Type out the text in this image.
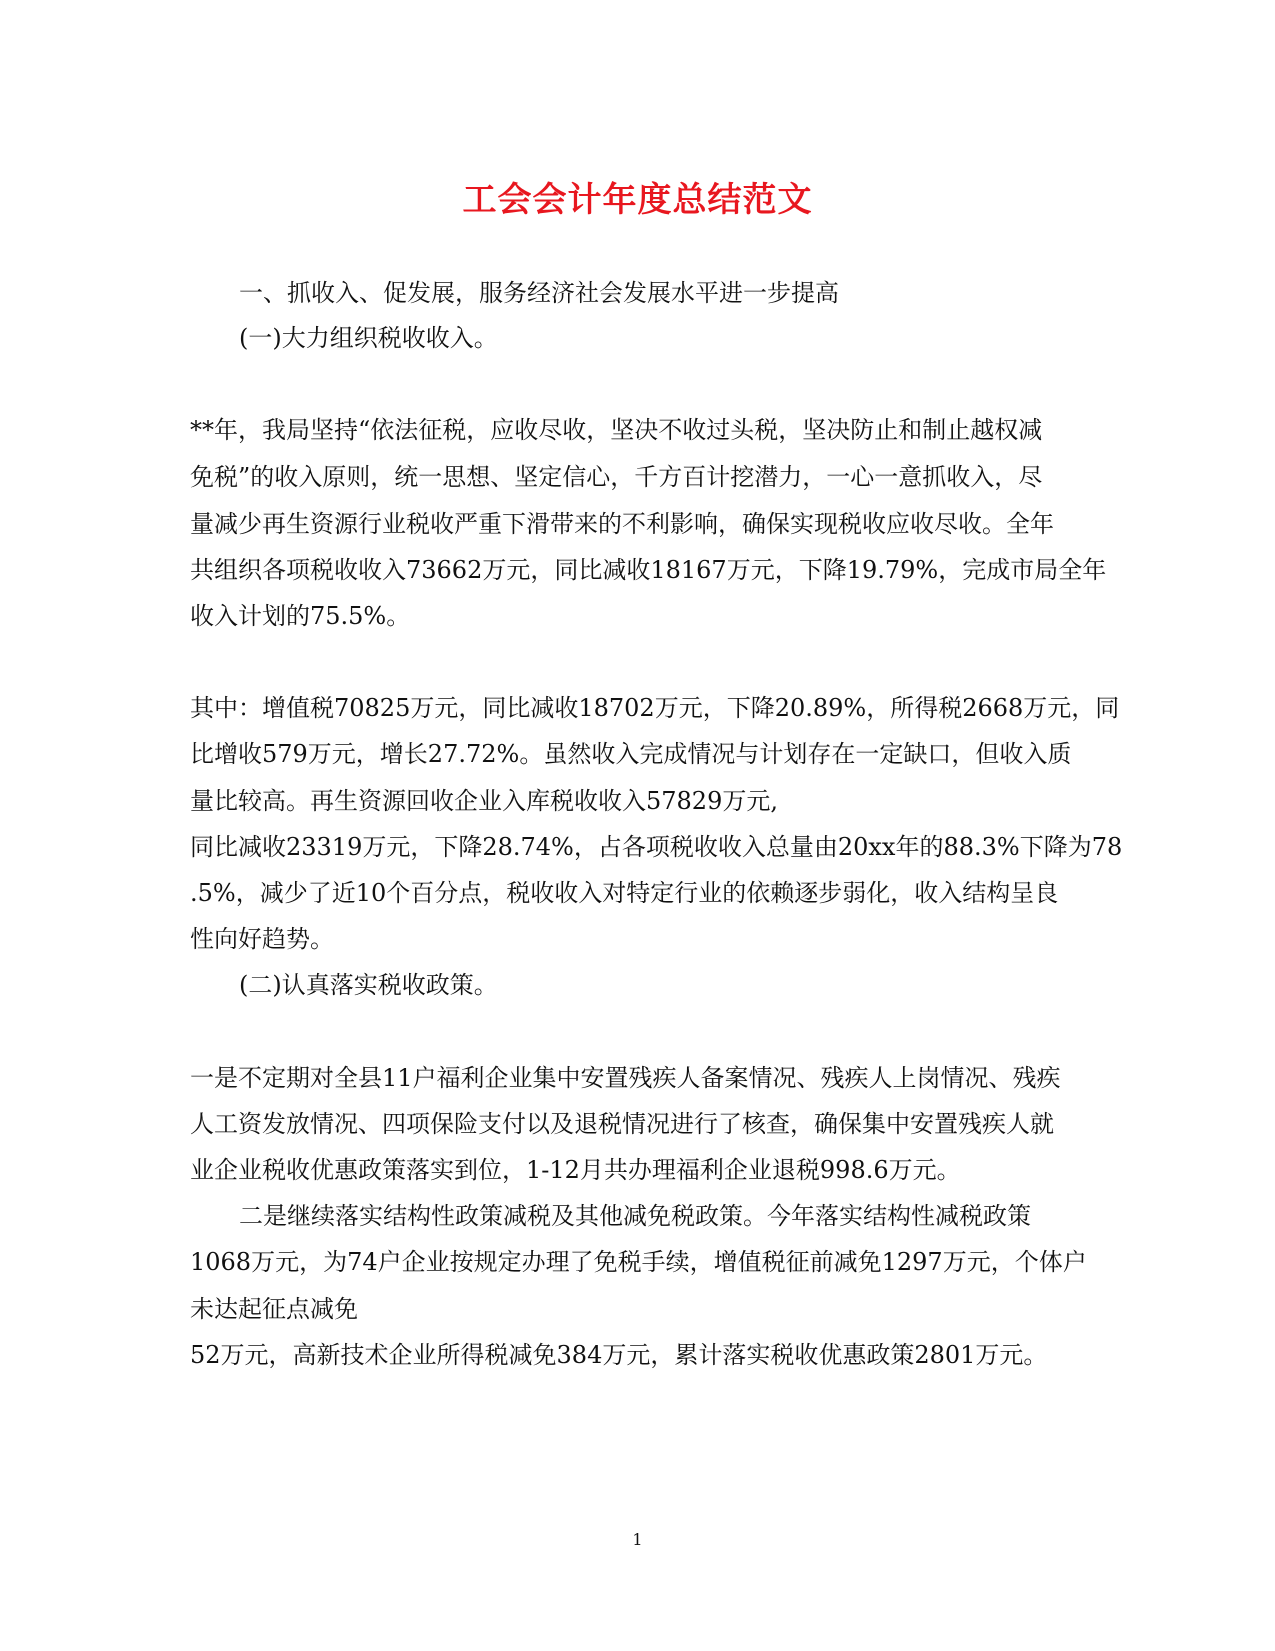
工会会计年度总结范文
一、抓收入、促发展，服务经济社会发展水平进一步提高
(一)大力组织税收收入。
**年，我局坚持“依法征税，应收尽收，坚决不收过头税，坚决防止和制止越权减
免税”的收入原则，统一思想、坚定信心，千方百计挖潜力，一心一意抓收入，尽
量减少再生资源行业税收严重下滑带来的不利影响，确保实现税收应收尽收。全年
共组织各项税收收入73662万元，同比减收18167万元，下降19.79%，完成市局全年
收入计划的75.5%。
其中：增值税70825万元，同比减收18702万元，下降20.89%，所得税2668万元，同
比增收579万元，增长27.72%。虽然收入完成情况与计划存在一定缺口，但收入质
量比较高。再生资源回收企业入库税收收入57829万元,
同比减收23319万元，下降28.74%，占各项税收收入总量由20xx年的88.3%下降为78
.5%，减少了近10个百分点，税收收入对特定行业的依赖逐步弱化，收入结构呈良
性向好趋势。
(二)认真落实税收政策。
一是不定期对全县11户福利企业集中安置残疾人备案情况、残疾人上岗情况、残疾
人工资发放情况、四项保险支付以及退税情况进行了核查，确保集中安置残疾人就
业企业税收优惠政策落实到位，1-12月共办理福利企业退税998.6万元。
二是继续落实结构性政策减税及其他减免税政策。今年落实结构性减税政策
1068万元，为74户企业按规定办理了免税手续，增值税征前减免1297万元，个体户
未达起征点减免
52万元，高新技术企业所得税减免384万元，累计落实税收优惠政策2801万元。
1
